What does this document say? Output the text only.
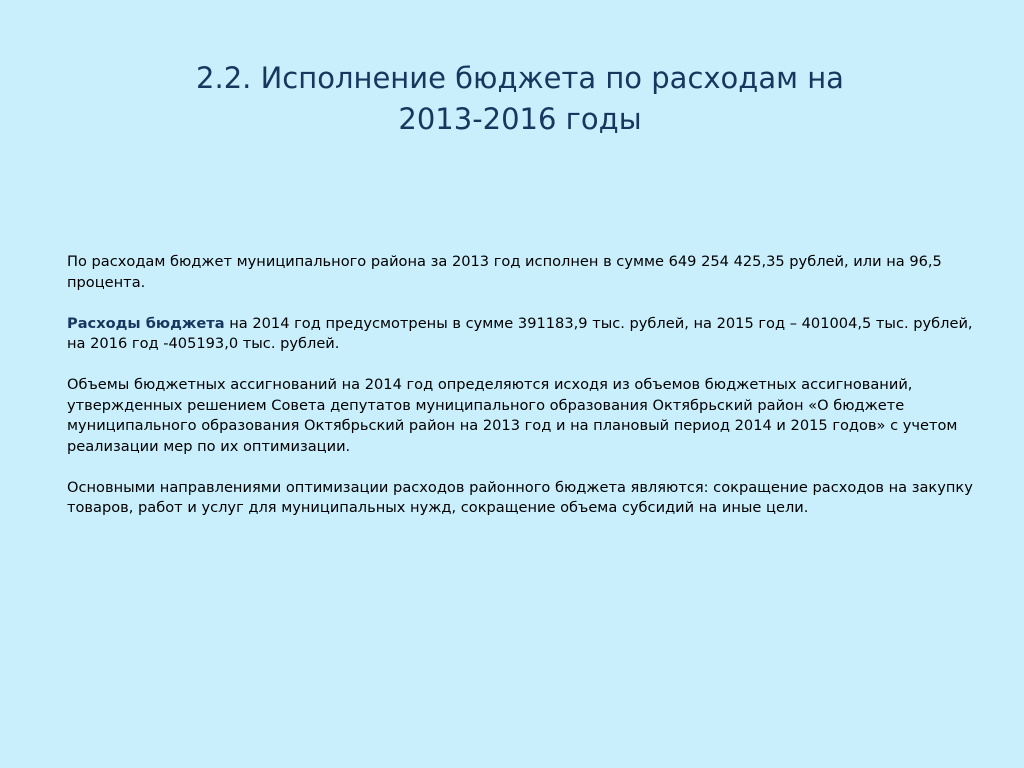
2.2. Исполнение бюджета по расходам на
2013-2016 годы

По расходам бюджет муниципального района за 2013 год исполнен в сумме 649 254 425,35 рублей, или на 96,5 процента.

Расходы бюджета на 2014 год предусмотрены в сумме 391183,9 тыс. рублей, на 2015 год – 401004,5 тыс. рублей, на 2016 год -405193,0 тыс. рублей.

Объемы бюджетных ассигнований на 2014 год определяются исходя из объемов бюджетных ассигнований, утвержденных решением Совета депутатов муниципального образования Октябрьский район «О бюджете муниципального образования Октябрьский район на 2013 год и на плановый период 2014 и 2015 годов» с учетом реализации мер по их оптимизации.

Основными направлениями оптимизации расходов районного бюджета являются: сокращение расходов на закупку товаров, работ и услуг для муниципальных нужд, сокращение объема субсидий на иные цели.
